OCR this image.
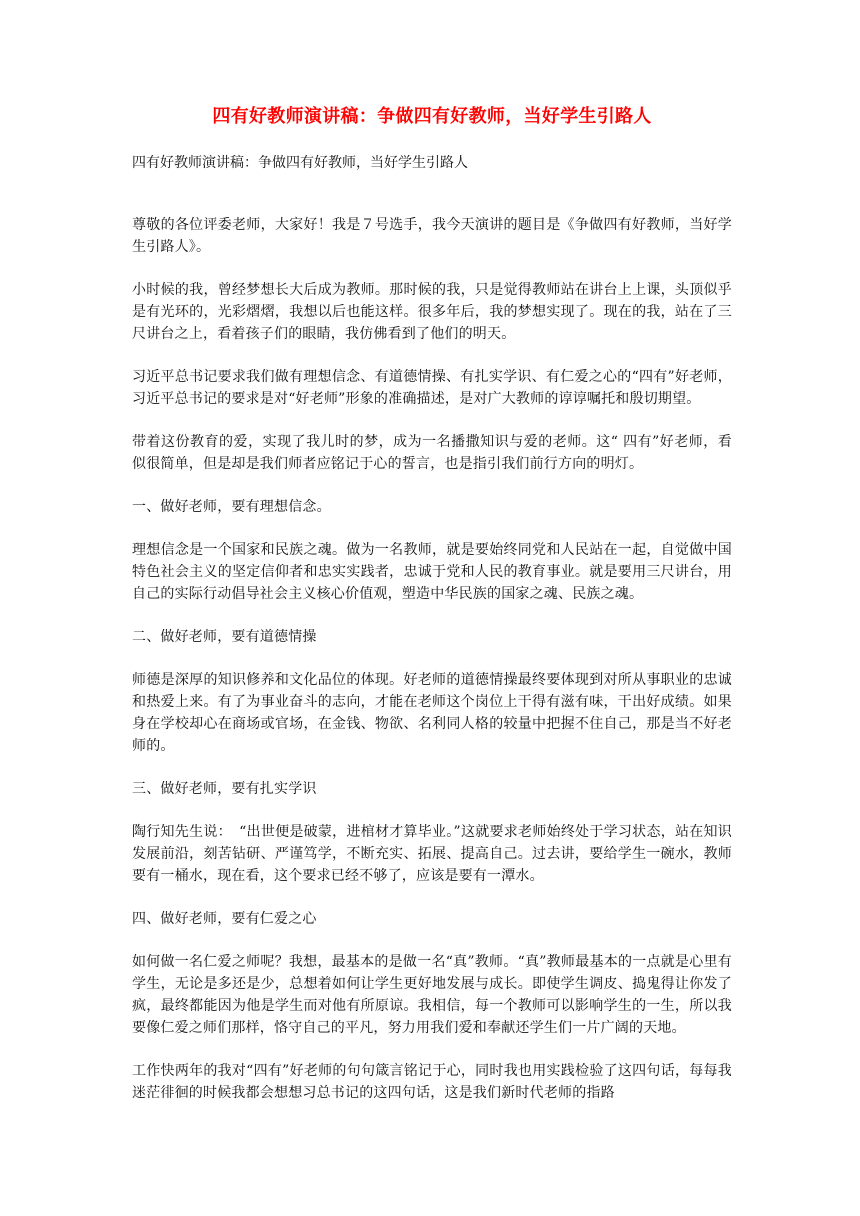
四有好教师演讲稿：争做四有好教师，当好学生引路人

四有好教师演讲稿：争做四有好教师，当好学生引路人

尊敬的各位评委老师，大家好！我是７号选手，我今天演讲的题目是《争做四有好教师，当好学生引路人》。

小时候的我，曾经梦想长大后成为教师。那时候的我，只是觉得教师站在讲台上上课，头顶似乎是有光环的，光彩熠熠，我想以后也能这样。很多年后，我的梦想实现了。现在的我，站在了三尺讲台之上，看着孩子们的眼睛，我仿佛看到了他们的明天。

习近平总书记要求我们做有理想信念、有道德情操、有扎实学识、有仁爱之心的“四有”好老师，习近平总书记的要求是对“好老师”形象的准确描述，是对广大教师的谆谆嘱托和殷切期望。

带着这份教育的爱，实现了我儿时的梦，成为一名播撒知识与爱的老师。这“ 四有”好老师，看似很简单，但是却是我们师者应铭记于心的誓言，也是指引我们前行方向的明灯。

一、做好老师，要有理想信念。

理想信念是一个国家和民族之魂。做为一名教师，就是要始终同党和人民站在一起，自觉做中国特色社会主义的坚定信仰者和忠实实践者，忠诚于党和人民的教育事业。就是要用三尺讲台，用自己的实际行动倡导社会主义核心价值观，塑造中华民族的国家之魂、民族之魂。

二、做好老师，要有道德情操

师德是深厚的知识修养和文化品位的体现。好老师的道德情操最终要体现到对所从事职业的忠诚和热爱上来。有了为事业奋斗的志向，才能在老师这个岗位上干得有滋有味，干出好成绩。如果身在学校却心在商场或官场，在金钱、物欲、名利同人格的较量中把握不住自己，那是当不好老师的。

三、做好老师，要有扎实学识

陶行知先生说：　“出世便是破蒙，进棺材才算毕业。”这就要求老师始终处于学习状态，站在知识发展前沿，刻苦钻研、严谨笃学，不断充实、拓展、提高自己。过去讲，要给学生一碗水，教师要有一桶水，现在看，这个要求已经不够了，应该是要有一潭水。

四、做好老师，要有仁爱之心

如何做一名仁爱之师呢？我想，最基本的是做一名“真”教师。“真”教师最基本的一点就是心里有学生，无论是多还是少，总想着如何让学生更好地发展与成长。即使学生调皮、捣鬼得让你发了疯，最终都能因为他是学生而对他有所原谅。我相信，每一个教师可以影响学生的一生，所以我要像仁爱之师们那样，恪守自己的平凡，努力用我们爱和奉献还学生们一片广阔的天地。

工作快两年的我对“四有”好老师的句句箴言铭记于心，同时我也用实践检验了这四句话，每每我迷茫徘徊的时候我都会想想习总书记的这四句话，这是我们新时代老师的指路
